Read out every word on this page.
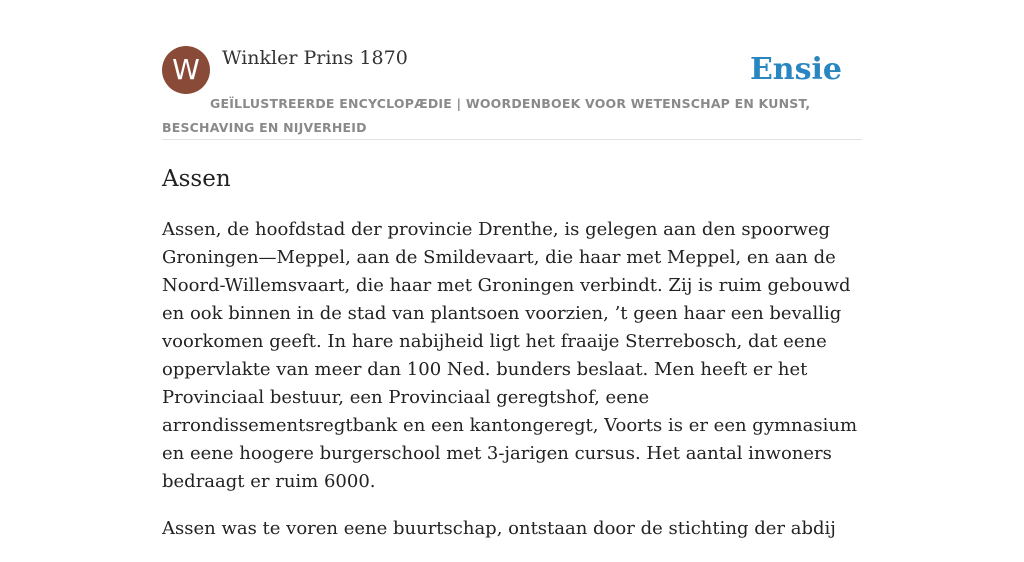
W	Winkler Prins 1870	Ensie
GEÏLLUSTREERDE ENCYCLOPÆDIE | WOORDENBOEK VOOR WETENSCHAP EN KUNST, BESCHAVING EN NIJVERHEID
Assen

Assen, de hoofdstad der provincie Drenthe, is gelegen aan den spoorweg Groningen—Meppel, aan de Smildevaart, die haar met Meppel, en aan de Noord-Willemsvaart, die haar met Groningen verbindt. Zij is ruim gebouwd en ook binnen in de stad van plantsoen voorzien, ’t geen haar een bevallig voorkomen geeft. In hare nabijheid ligt het fraaije Sterrebosch, dat eene oppervlakte van meer dan 100 Ned. bunders beslaat. Men heeft er het Provinciaal bestuur, een Provinciaal geregtshof, eene arrondissementsregtbank en een kantongeregt, Voorts is er een gymnasium en eene hoogere burgerschool met 3-jarigen cursus. Het aantal inwoners bedraagt er ruim 6000.

Assen was te voren eene buurtschap, ontstaan door de stichting der abdij
